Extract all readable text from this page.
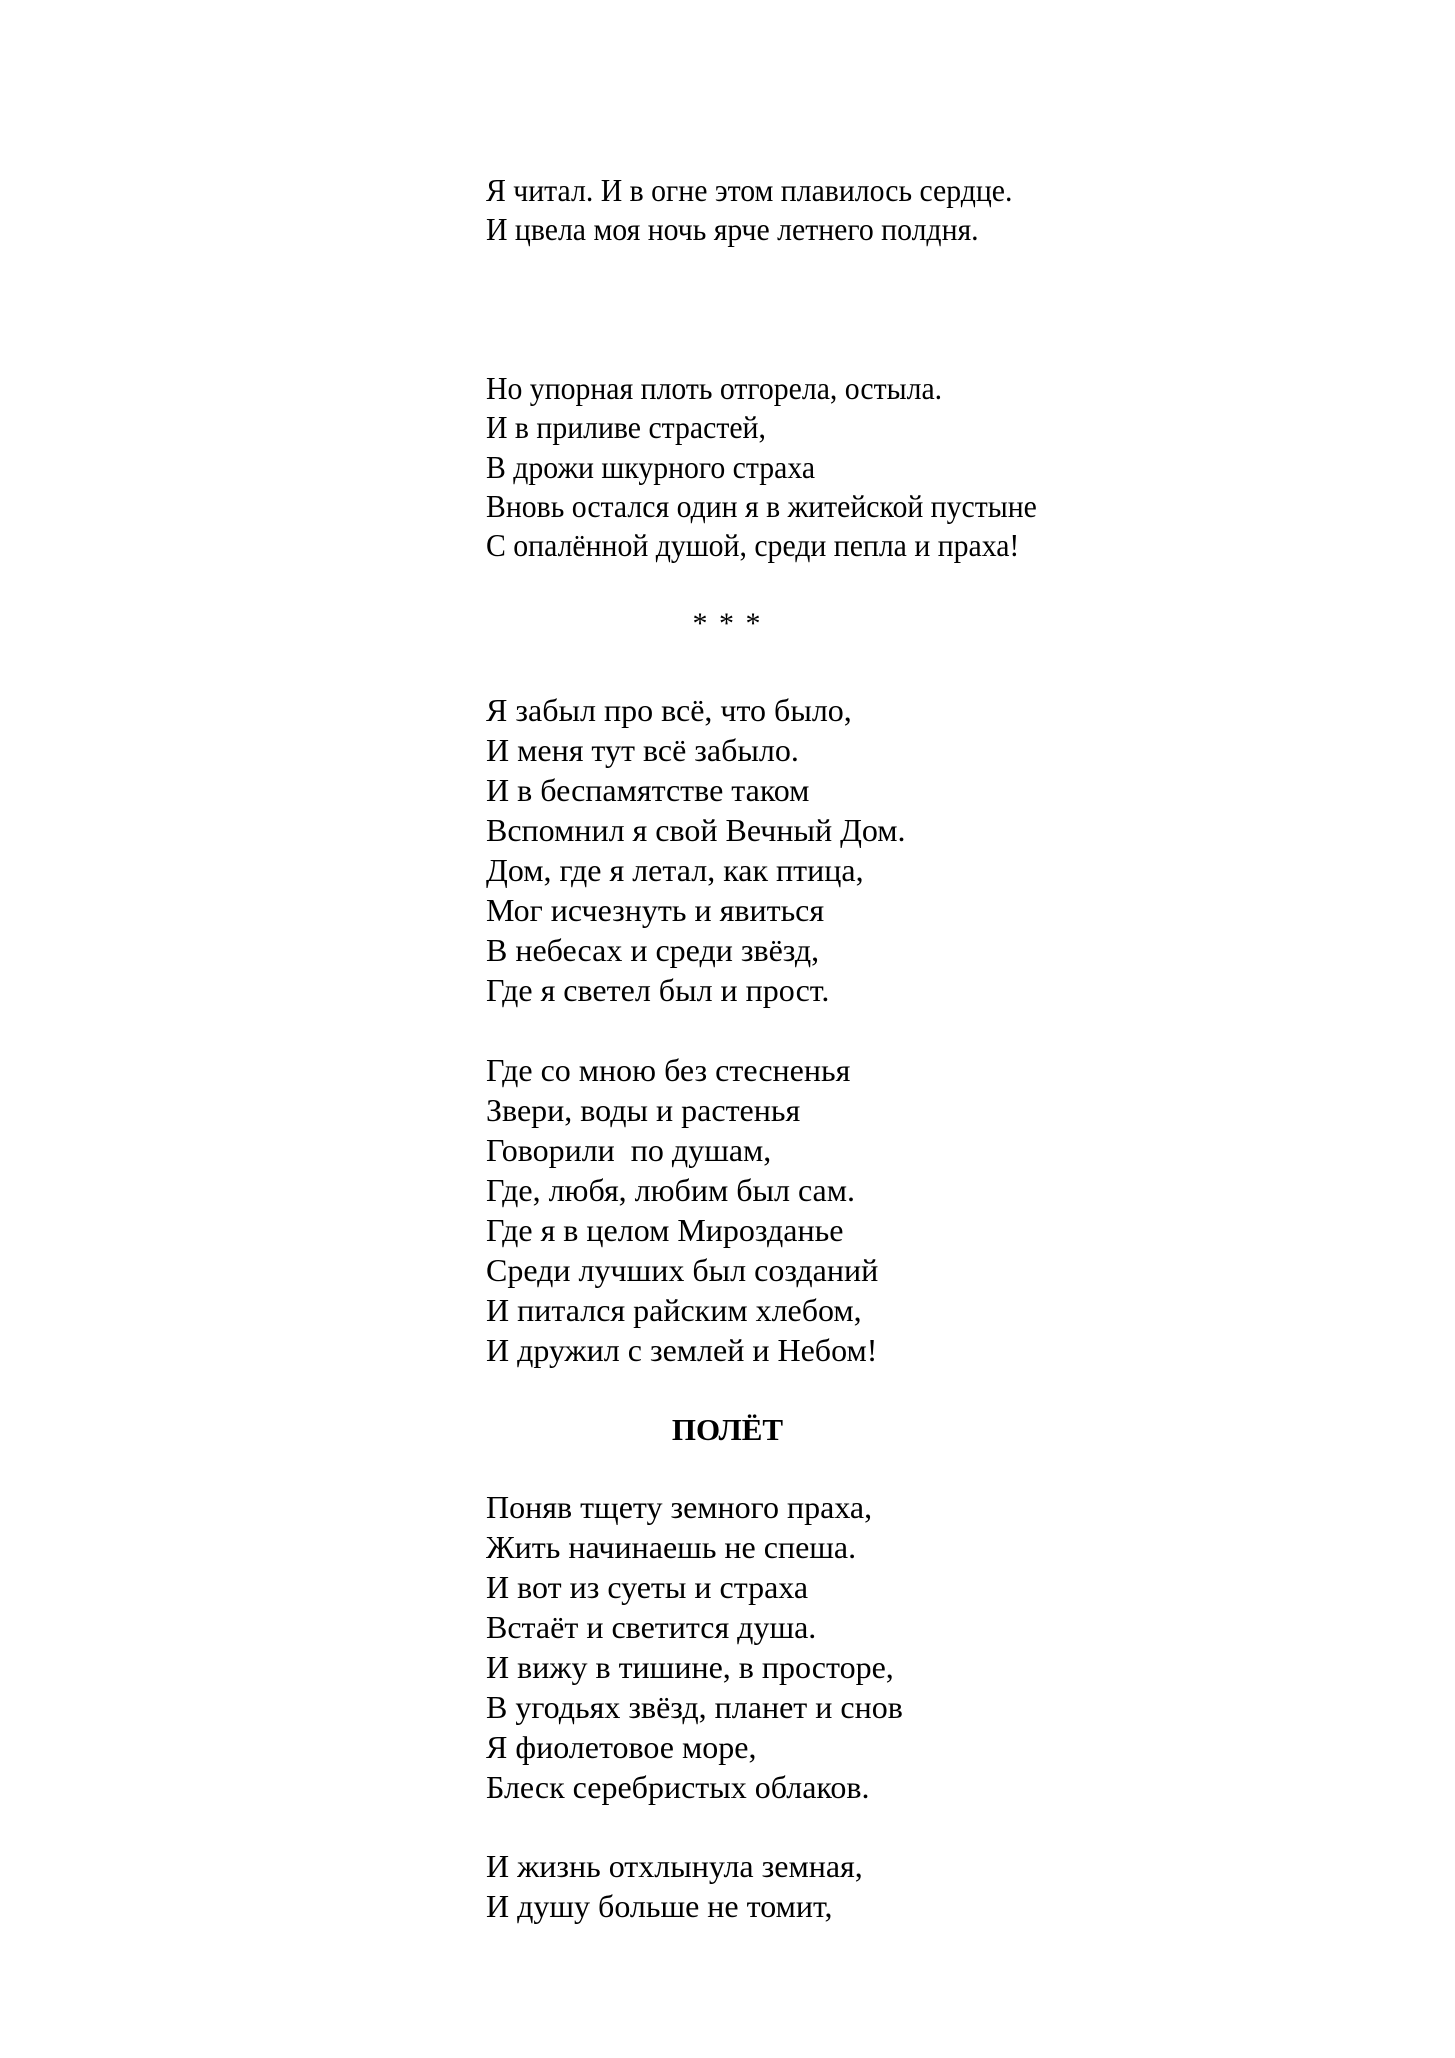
Я читал. И в огне этом плавилось сердце.
И цвела моя ночь ярче летнего полдня.
Но упорная плоть отгорела, остыла.
И в приливе страстей,
В дрожи шкурного страха
Вновь остался один я в житейской пустыне
С опалённой душой, среди пепла и праха!
* * *
Я забыл про всё, что было,
И меня тут всё забыло.
И в беспамятстве таком
Вспомнил я свой Вечный Дом.
Дом, где я летал, как птица,
Мог исчезнуть и явиться
В небесах и среди звёзд,
Где я светел был и прост.
Где со мною без стесненья
Звери, воды и растенья
Говорили  по душам,
Где, любя, любим был сам.
Где я в целом Мирозданье
Среди лучших был созданий
И питался райским хлебом,
И дружил с землей и Небом!
ПОЛЁТ
Поняв тщету земного праха,
Жить начинаешь не спеша.
И вот из суеты и страха
Встаёт и светится душа.
И вижу в тишине, в просторе,
В угодьях звёзд, планет и снов
Я фиолетовое море,
Блеск серебристых облаков.
И жизнь отхлынула земная,
И душу больше не томит,
